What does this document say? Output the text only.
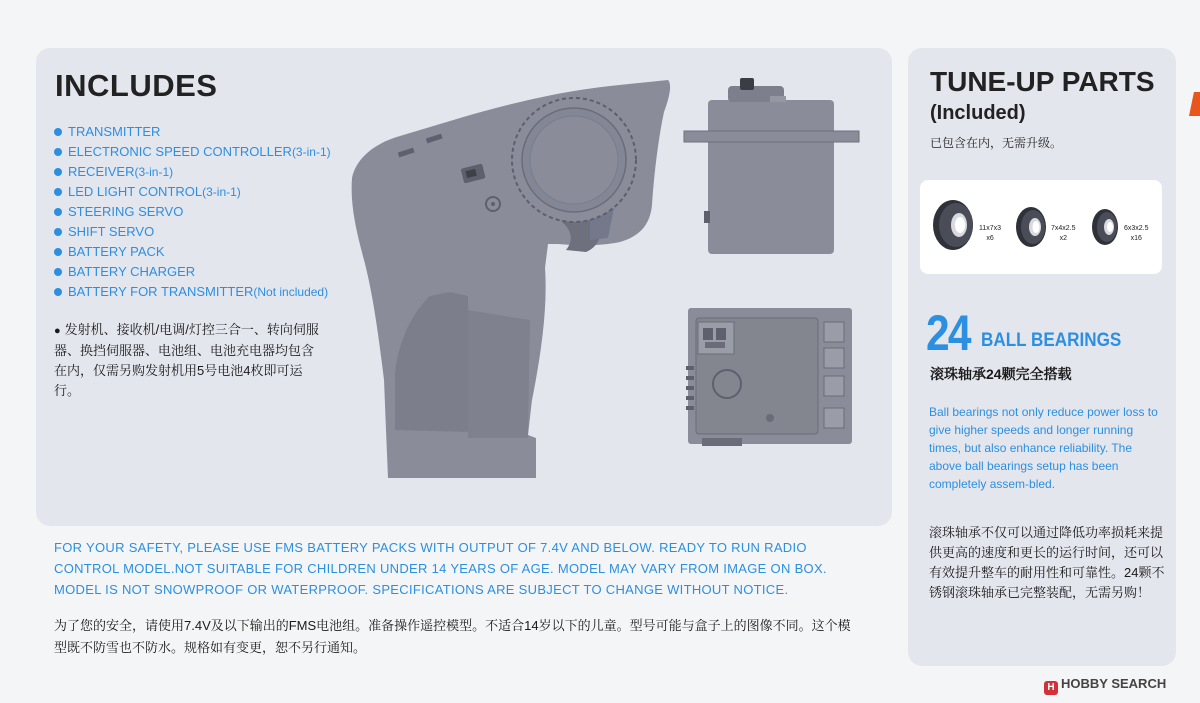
INCLUDES
TRANSMITTER
ELECTRONIC SPEED CONTROLLER(3-in-1)
RECEIVER(3-in-1)
LED LIGHT CONTROL(3-in-1)
STEERING SERVO
SHIFT SERVO
BATTERY PACK
BATTERY CHARGER
BATTERY FOR TRANSMITTER(Not included)

● 发射机、接收机/电调/灯控三合一、转向伺服器、换挡伺服器、电池组、电池充电器均包含在内，仅需另购发射机用5号电池4枚即可运行。

FOR YOUR SAFETY, PLEASE USE FMS BATTERY PACKS WITH OUTPUT OF 7.4V AND BELOW. READY TO RUN RADIO CONTROL MODEL.NOT SUITABLE FOR CHILDREN UNDER 14 YEARS OF AGE. MODEL MAY VARY FROM IMAGE ON BOX. MODEL IS NOT SNOWPROOF OR WATERPROOF. SPECIFICATIONS ARE SUBJECT TO CHANGE WITHOUT NOTICE.

为了您的安全，请使用7.4V及以下输出的FMS电池组。准备操作遥控模型。不适合14岁以下的儿童。型号可能与盒子上的图像不同。这个模型既不防雪也不防水。规格如有变更，恕不另行通知。

TUNE-UP PARTS

(Included)

已包含在内，无需升级。

11x7x3
x6
7x4x2.5
x2
6x3x2.5
x16
24 BALL BEARINGS

滚珠轴承24颗完全搭载

Ball bearings not only reduce power loss to give higher speeds and longer running times, but also enhance reliability. The above ball bearings setup has been completely assem-bled.

滚珠轴承不仅可以通过降低功率损耗来提供更高的速度和更长的运行时间，还可以有效提升整车的耐用性和可靠性。24颗不锈钢滚珠轴承已完整装配，无需另购！

H HOBBY SEARCH
